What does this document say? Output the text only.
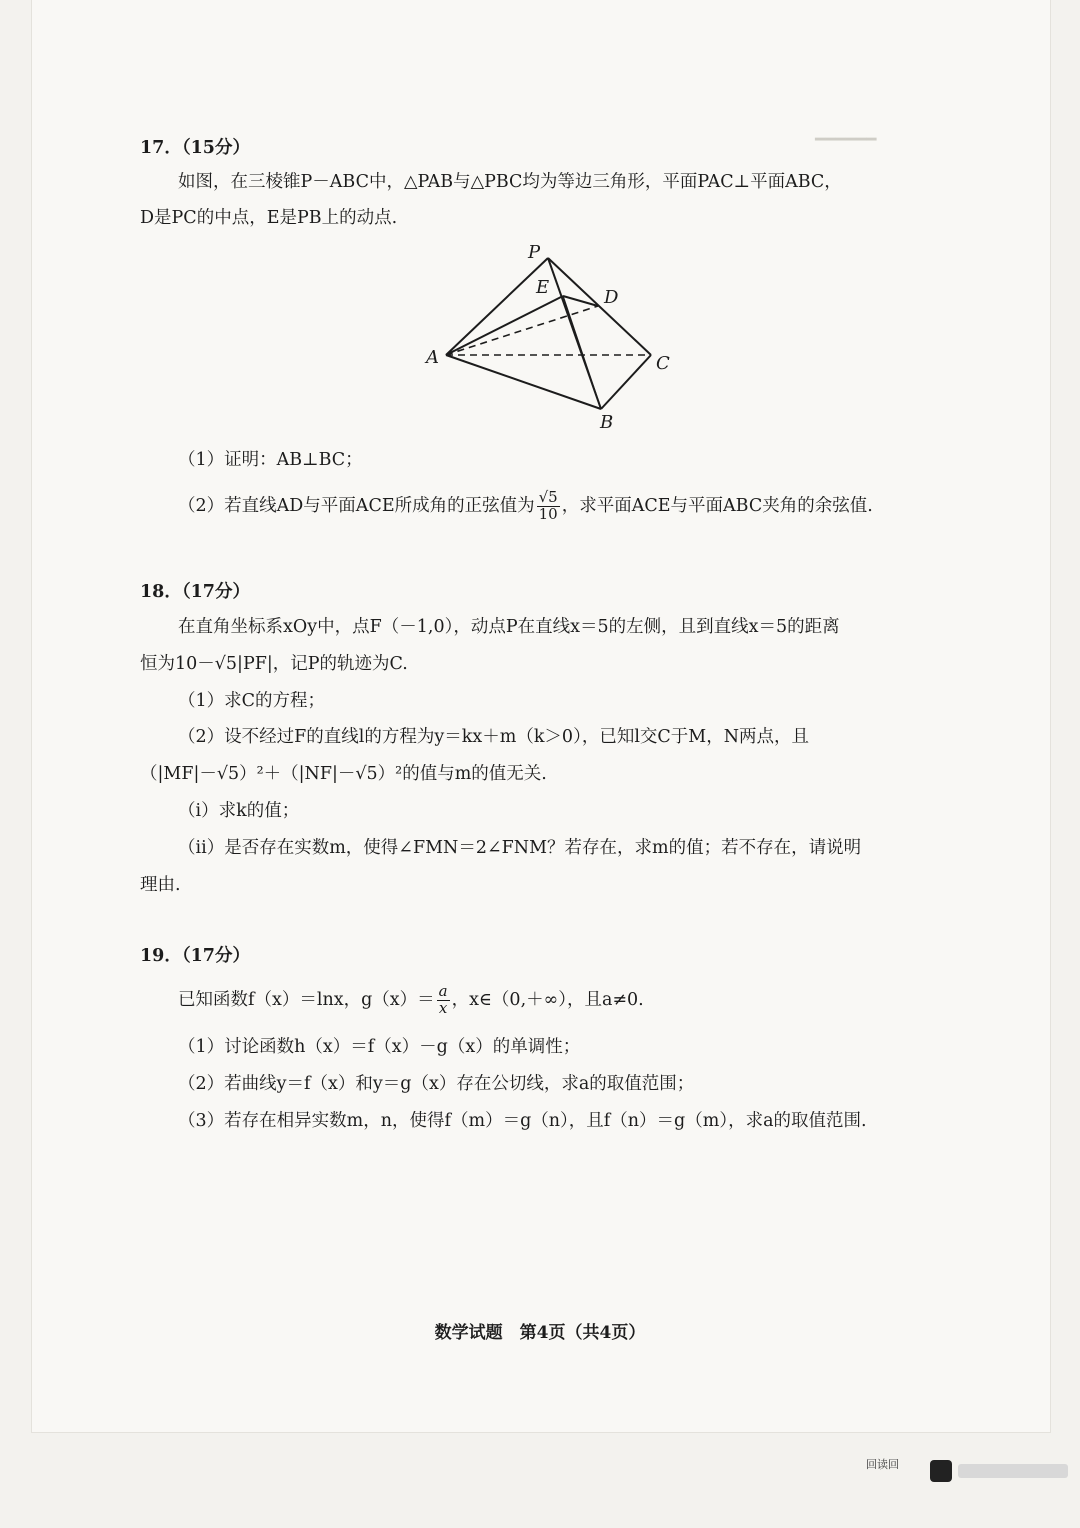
━━━━━━
17．（15分）
如图，在三棱锥P－ABC中，△PAB与△PBC均为等边三角形，平面PAC⊥平面ABC，
D是PC的中点，E是PB上的动点.
P
E	D
A	C
B
（1）证明：AB⊥BC；
（2）若直线AD与平面ACE所成角的正弦值为 $\frac{√5}{10}$ ，求平面ACE与平面ABC夹角的余弦值.
18．（17分）
在直角坐标系xOy中，点F（－1,0），动点P在直线x＝5的左侧，且到直线x＝5的距离
恒为10－√5|PF|，记P的轨迹为C.
（1）求C的方程；
（2）设不经过F的直线l的方程为y＝kx＋m（k＞0），已知l交C于M，N两点，且
（|MF|－√5）²＋（|NF|－√5）²的值与m的值无关.
（i）求k的值；
（ii）是否存在实数m，使得∠FMN＝2∠FNM？若存在，求m的值；若不存在，请说明
理由.
19．（17分）
已知函数f（x）＝lnx，$g(x)= \frac{a}{x}$ ，x∈（0,＋∞），且a≠0.
（1）讨论函数h（x）＝f（x）－g（x）的单调性；
（2）若曲线y＝f（x）和y＝g（x）存在公切线，求a的取值范围；
（3）若存在相异实数m，n，使得f（m）＝g（n），且f（n）＝g（m），求a的取值范围.
数学试题　第4页（共4页）
回读回
